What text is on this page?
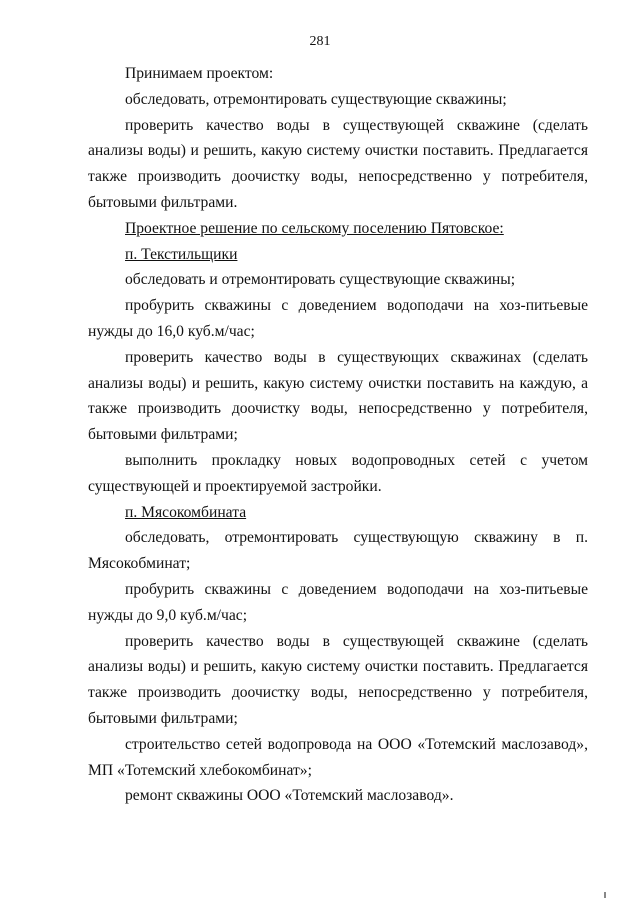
281

Принимаем проектом:

обследовать, отремонтировать существующие скважины;

проверить качество воды в существующей скважине (сделать анализы воды) и решить, какую систему очистки поставить. Предлагается также производить доочистку воды, непосредственно у потребителя, бытовыми фильтрами.

Проектное решение по сельскому поселению Пятовское:

п. Текстильщики

обследовать и отремонтировать существующие скважины;

пробурить скважины с доведением водоподачи на хоз-питьевые нужды до 16,0 куб.м/час;

проверить качество воды в существующих скважинах (сделать анализы воды) и решить, какую систему очистки поставить на каждую, а также производить доочистку воды, непосредственно у потребителя, бытовыми фильтрами;

выполнить прокладку новых водопроводных сетей с учетом существующей и проектируемой застройки.

п. Мясокомбината

обследовать, отремонтировать существующую скважину в п. Мясокобминат;

пробурить скважины с доведением водоподачи на хоз-питьевые нужды до 9,0 куб.м/час;

проверить качество воды в существующей скважине (сделать анализы воды) и решить, какую систему очистки поставить. Предлагается также производить доочистку воды, непосредственно у потребителя, бытовыми фильтрами;

строительство сетей водопровода на ООО «Тотемский маслозавод», МП «Тотемский хлебокомбинат»;

ремонт скважины ООО «Тотемский маслозавод».
